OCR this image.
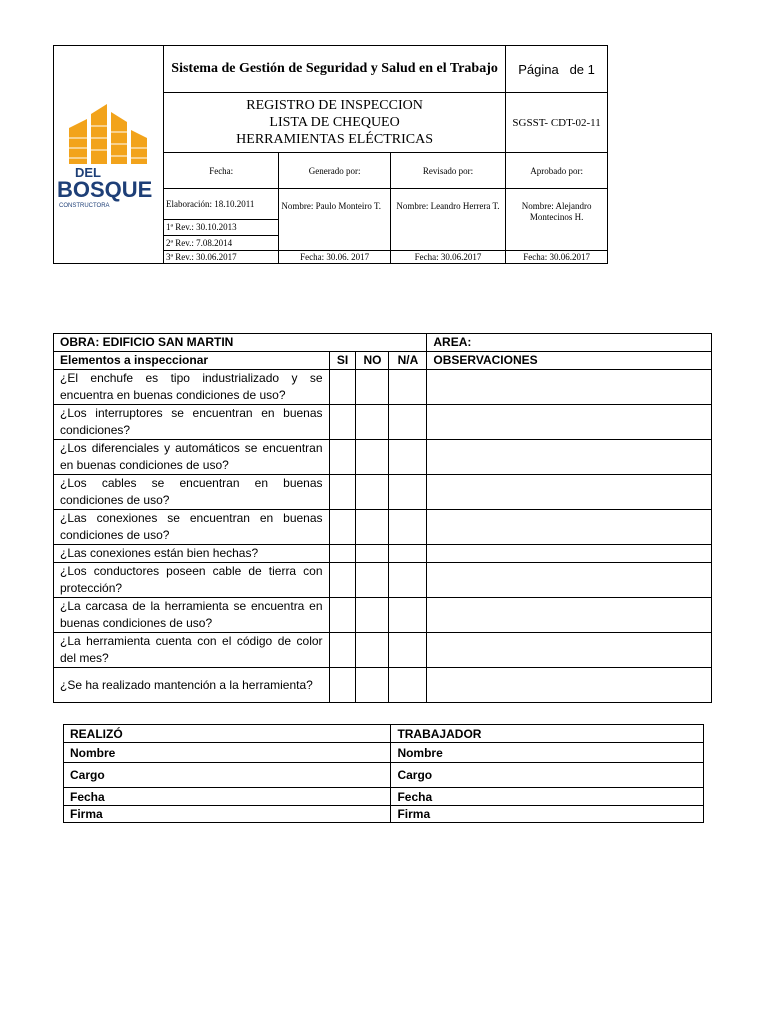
DEL
BOSQUE
CONSTRUCTORA	Sistema de Gestión de Seguridad y Salud en el Trabajo			Página   de 1

	REGISTRO DE INSPECCION
LISTA DE CHEQUEO
HERRAMIENTAS ELÉCTRICAS			SGSST- CDT-02-11
	Fecha:	Generado por:	Revisado por:	Aprobado por:
	Elaboración: 18.10.2011	Nombre: Paulo Monteiro T.	Nombre: Leandro Herrera T.	Nombre: Alejandro Montecinos H.

	1ª Rev.: 30.10.2013			
	2ª Rev.: 7.08.2014			
	3ª Rev.: 30.06.2017	Fecha: 30.06. 2017	Fecha: 30.06.2017	Fecha: 30.06.2017
OBRA: EDIFICIO SAN MARTIN				AREA:
Elementos a inspeccionar	SI	NO	N/A	OBSERVACIONES
¿El enchufe es tipo industrializado y se encuentra en buenas condiciones de uso?				
¿Los interruptores se encuentran en buenas condiciones?				
¿Los diferenciales y automáticos se encuentran en buenas condiciones de uso?				
¿Los cables se encuentran en buenas condiciones de uso?				
¿Las conexiones se encuentran en buenas condiciones de uso?				
¿Las conexiones están bien hechas?				
¿Los conductores poseen cable de tierra con protección?				
¿La carcasa de la herramienta se encuentra en buenas condiciones de uso?				
¿La herramienta cuenta con el código de color del mes?				
¿Se ha realizado mantención a la herramienta?				
REALIZÓ	TRABAJADOR
Nombre	Nombre
Cargo	Cargo
Fecha	Fecha
Firma	Firma
